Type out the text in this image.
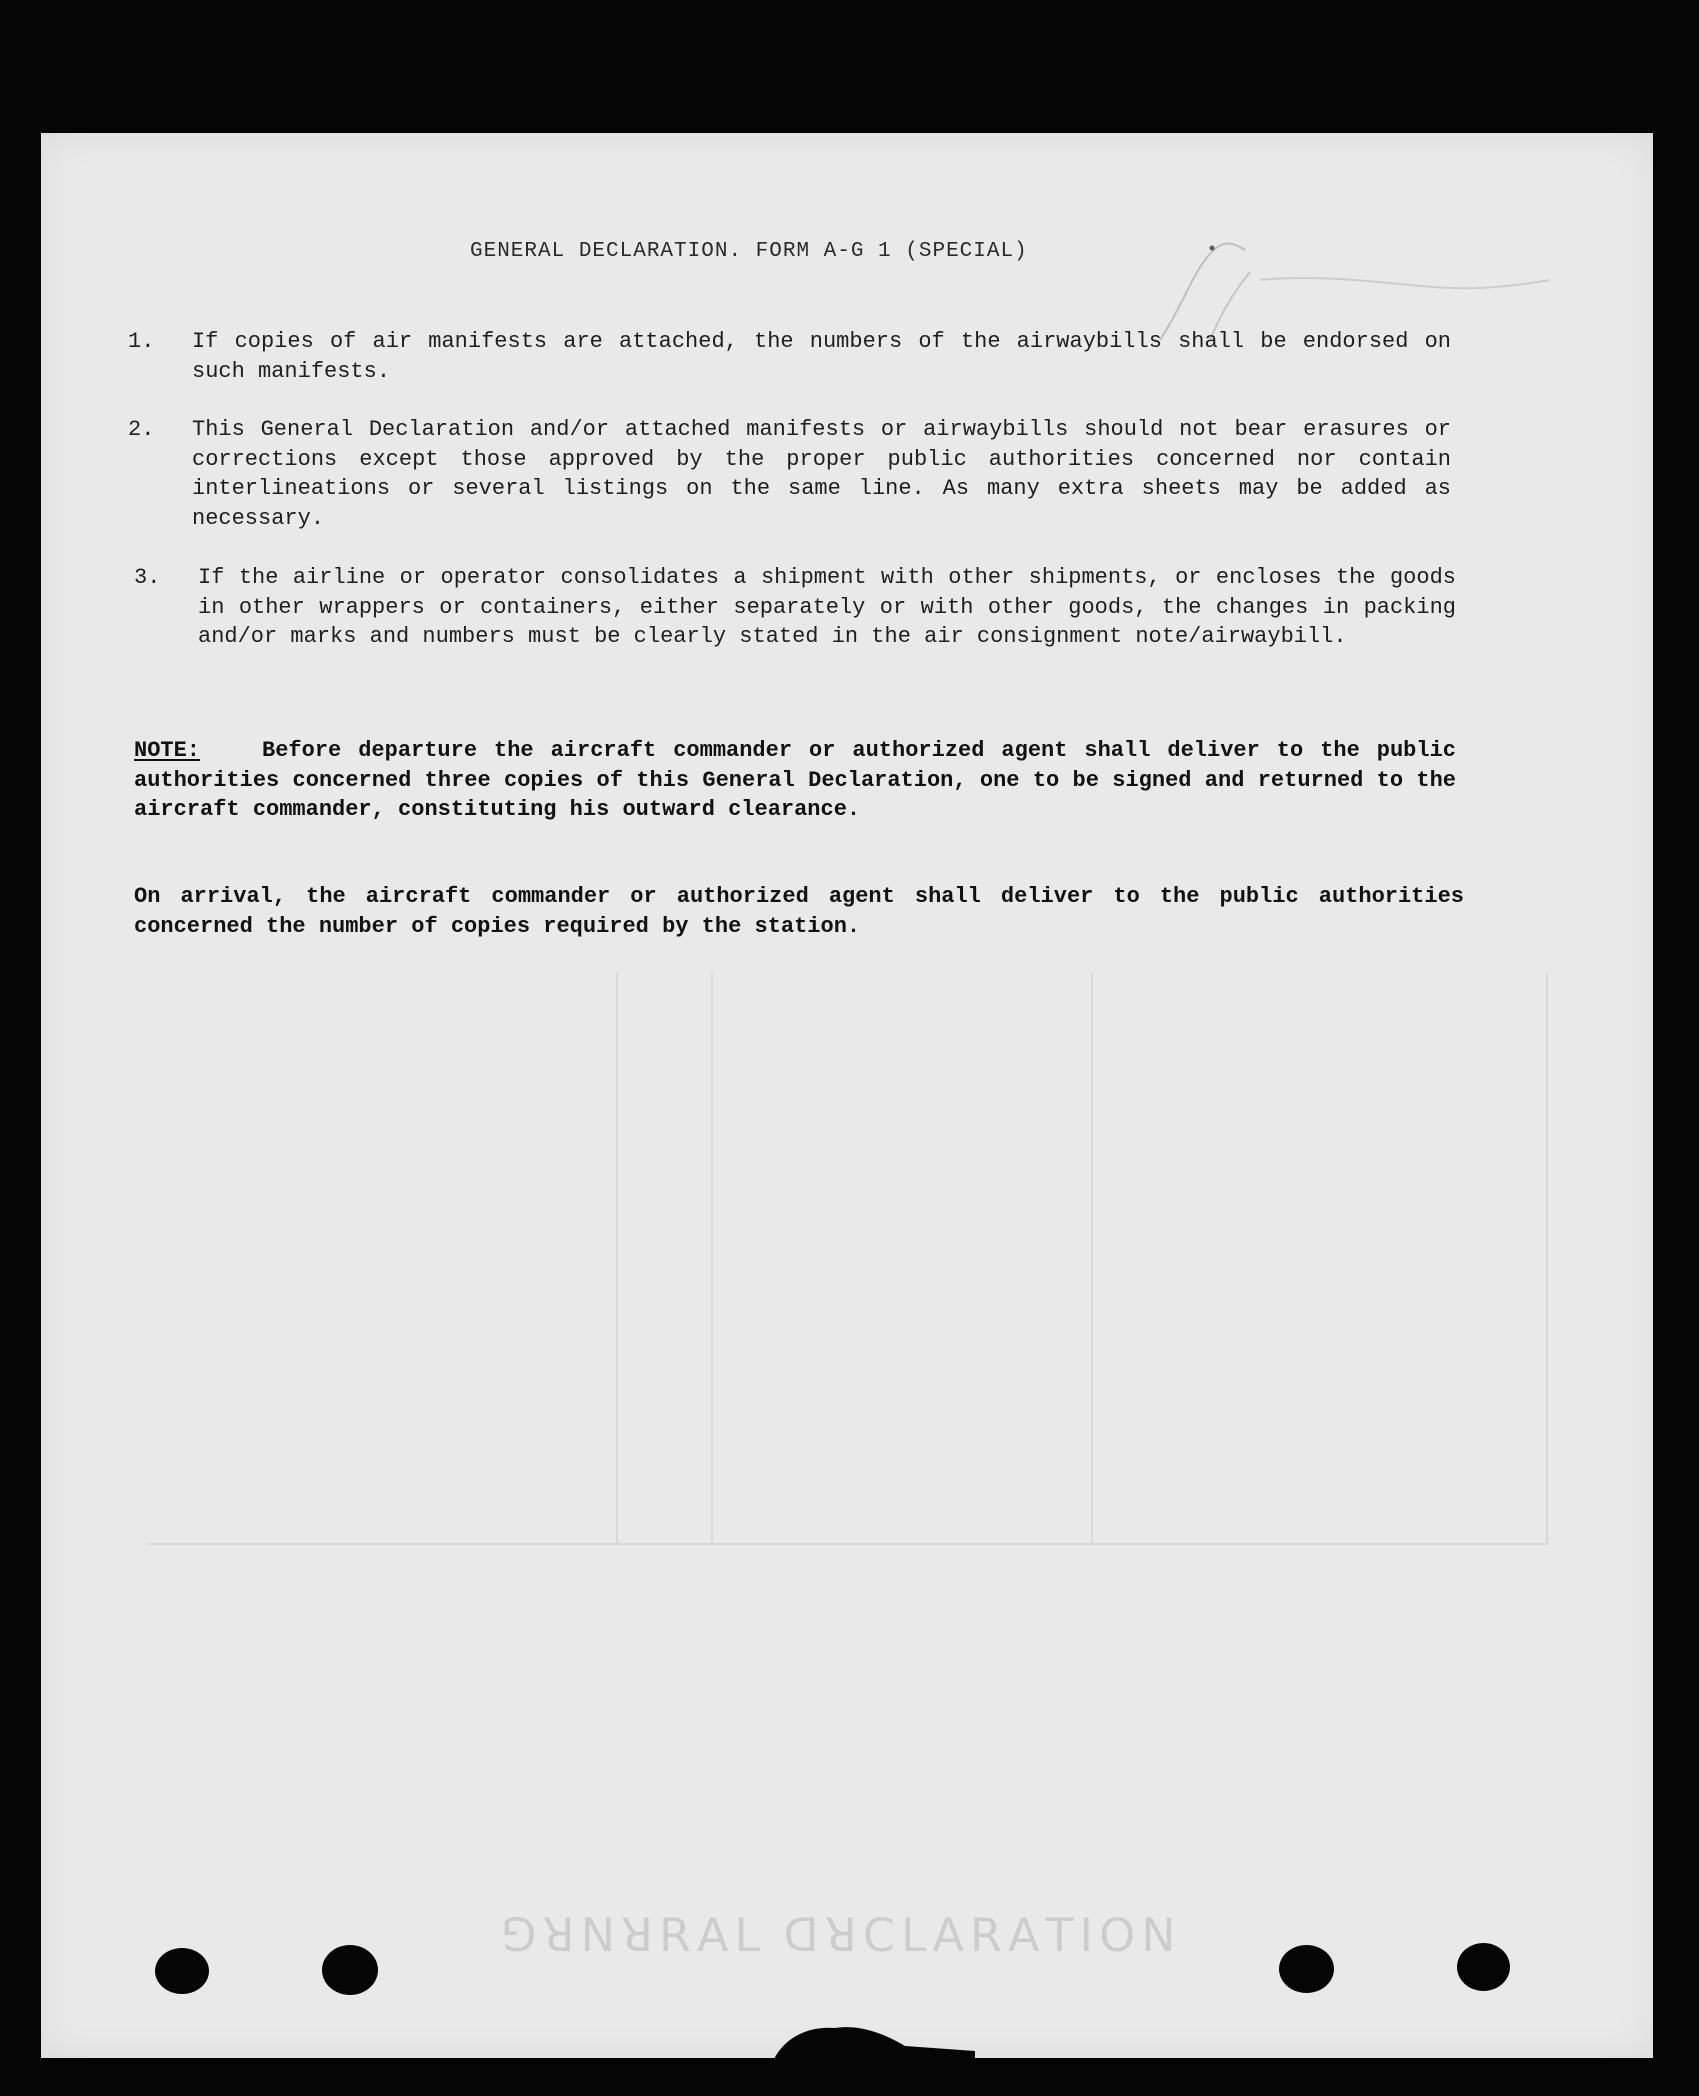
ꓨꓤꓠꓤꓣꓮꓡ ꓷꓤꓚꓡꓮꓣꓮꓔꓲꓳꓠ
GENERAL DECLARATION. FORM A-G 1 (SPECIAL)
1. If copies of air manifests are attached, the numbers of the airwaybills shall be endorsed on such manifests.
2. This General Declaration and/or attached manifests or airwaybills should not bear erasures or corrections except those approved by the proper public authorities concerned nor contain interlineations or several listings on the same line. As many extra sheets may be added as necessary.
3. If the airline or operator consolidates a shipment with other shipments, or encloses the goods in other wrappers or containers, either separately or with other goods, the changes in packing and/or marks and numbers must be clearly stated in the air consignment note/airwaybill.
NOTE:	Before departure the aircraft commander or authorized agent shall deliver to the public authorities concerned three copies of this General Declaration, one to be signed and returned to the aircraft commander, constituting his outward clearance.
On arrival, the aircraft commander or authorized agent shall deliver to the public authorities concerned the number of copies required by the station.
